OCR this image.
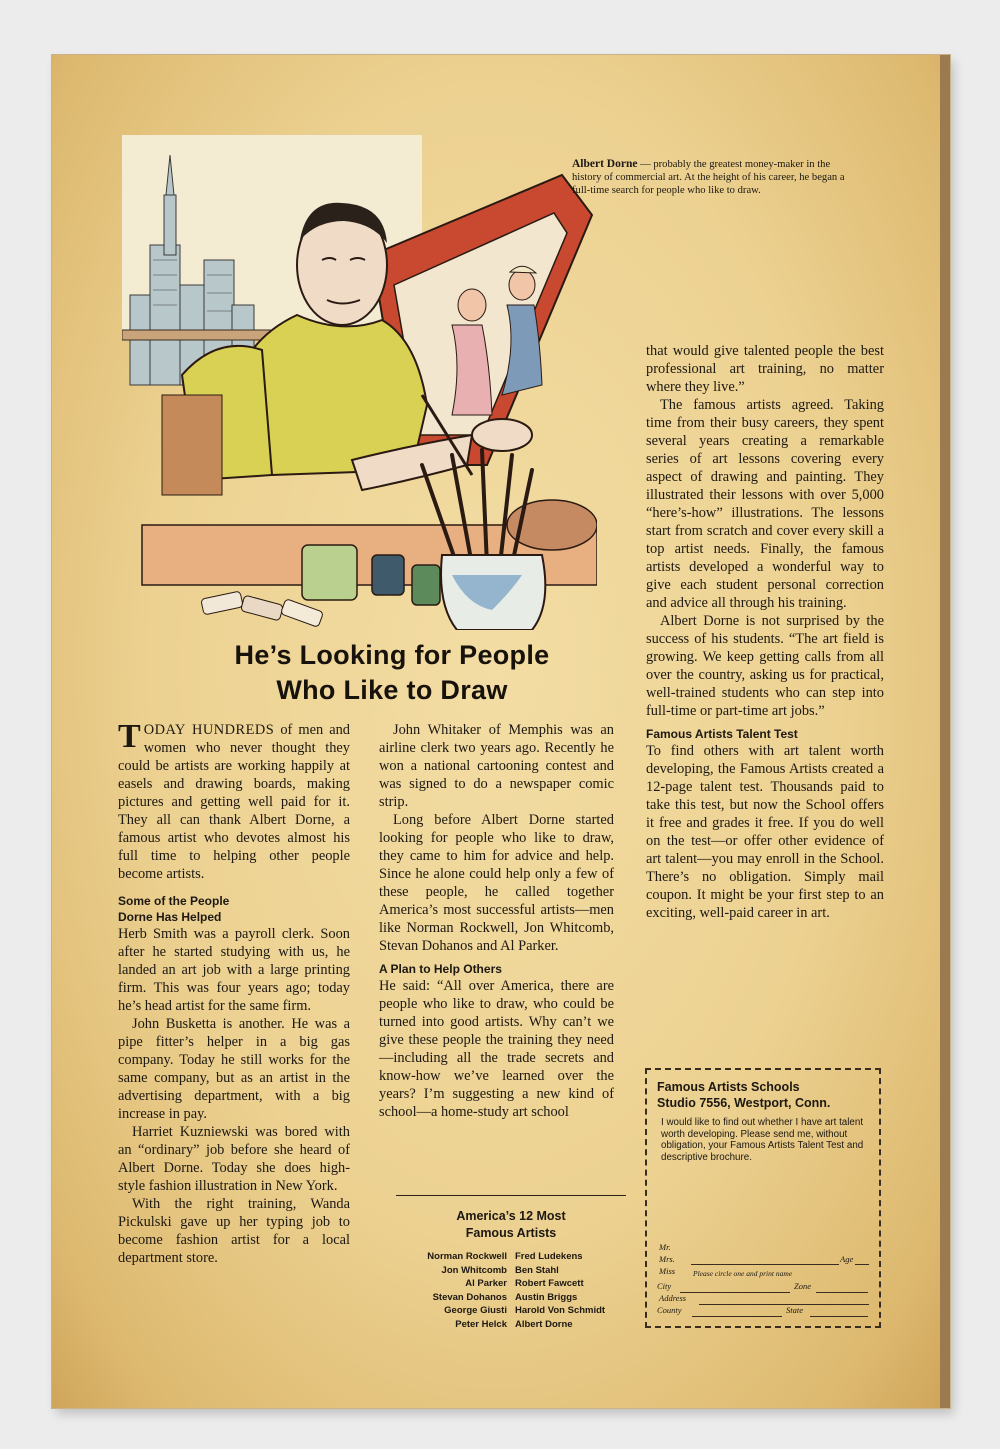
Albert Dorne — probably the greatest money-maker in the history of commercial art. At the height of his career, he began a full-time search for people who like to draw.
He’s Looking for People
Who Like to Draw

TODAY HUNDREDS of men and women who never thought they could be artists are working happily at easels and drawing boards, making pictures and getting well paid for it. They all can thank Albert Dorne, a famous artist who devotes almost his full time to helping other people become artists.

Some of the People
Dorne Has Helped

Herb Smith was a payroll clerk. Soon after he started studying with us, he landed an art job with a large printing firm. This was four years ago; today he’s head artist for the same firm.

John Busketta is another. He was a pipe fitter’s helper in a big gas company. Today he still works for the same company, but as an artist in the advertising department, with a big increase in pay.

Harriet Kuzniewski was bored with an “ordinary” job before she heard of Albert Dorne. Today she does high-style fashion illustration in New York.

With the right training, Wanda Pickulski gave up her typing job to become fashion artist for a local department store.

John Whitaker of Memphis was an airline clerk two years ago. Recently he won a national cartooning contest and was signed to do a newspaper comic strip.

Long before Albert Dorne started looking for people who like to draw, they came to him for advice and help. Since he alone could help only a few of these people, he called together America’s most successful artists—men like Norman Rockwell, Jon Whitcomb, Stevan Dohanos and Al Parker.

A Plan to Help Others

He said: “All over America, there are people who like to draw, who could be turned into good artists. Why can’t we give these people the training they need—including all the trade secrets and know-how we’ve learned over the years? I’m suggesting a new kind of school—a home-study art school

that would give talented people the best professional art training, no matter where they live.”

The famous artists agreed. Taking time from their busy careers, they spent several years creating a remarkable series of art lessons covering every aspect of drawing and painting. They illustrated their lessons with over 5,000 “here’s-how” illustrations. The lessons start from scratch and cover every skill a top artist needs. Finally, the famous artists developed a wonderful way to give each student personal correction and advice all through his training.

Albert Dorne is not surprised by the success of his students. “The art field is growing. We keep getting calls from all over the country, asking us for practical, well-trained students who can step into full-time or part-time art jobs.”

Famous Artists Talent Test

To find others with art talent worth developing, the Famous Artists created a 12-page talent test. Thousands paid to take this test, but now the School offers it free and grades it free. If you do well on the test—or offer other evidence of art talent—you may enroll in the School. There’s no obligation. Simply mail coupon. It might be your first step to an exciting, well-paid career in art.

America’s 12 Most
Famous Artists
Norman Rockwell Fred Ludekens
Jon Whitcomb Ben Stahl
Al Parker Robert Fawcett
Stevan Dohanos Austin Briggs
George Giusti Harold Von Schmidt
Peter Helck Albert Dorne
Famous Artists Schools
Studio 7556, Westport, Conn.
I would like to find out whether I have art talent worth developing. Please send me, without obligation, your Famous Artists Talent Test and descriptive brochure.
Mr.
Mrs.
Miss
Age
Please circle one and print name
Address
City	Zone
County	State
